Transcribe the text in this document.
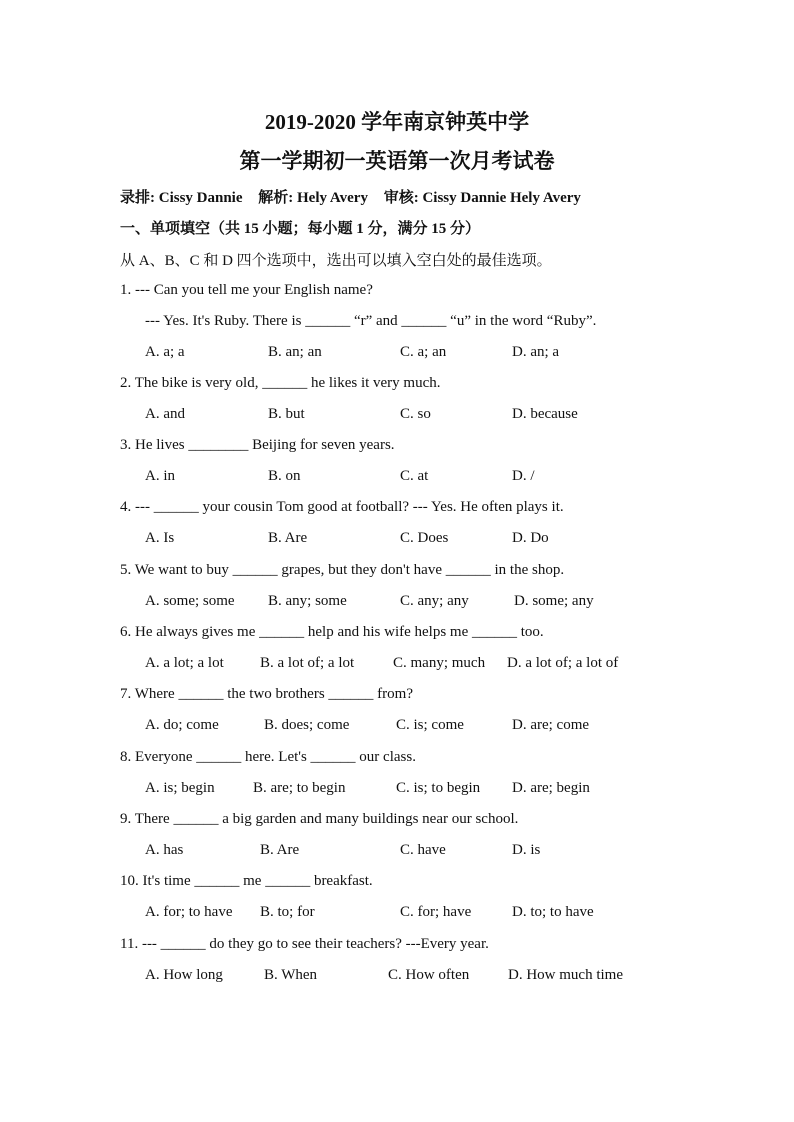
2019-2020 学年南京钟英中学
第一学期初一英语第一次月考试卷
录排: Cissy Dannie 解析: Hely Avery 审核: Cissy Dannie Hely Avery
一、单项填空（共 15 小题；每小题 1 分，满分 15 分）
从 A、B、C 和 D 四个选项中，选出可以填入空白处的最佳选项。
1. --- Can you tell me your English name?
--- Yes. It's Ruby. There is ______ “r” and ______ “u” in the word “Ruby”.
A. a; a	B. an; an	C. a; an	D. an; a
2. The bike is very old, ______ he likes it very much.
A. and	B. but	C. so	D. because
3. He lives ________ Beijing for seven years.
A. in	B. on	C. at	D. /
4. --- ______ your cousin Tom good at football? --- Yes. He often plays it.
A. Is	B. Are	C. Does	D. Do
5. We want to buy ______ grapes, but they don't have ______ in the shop.
A. some; some B. any; some	C. any; any	D. some; any
6. He always gives me ______ help and his wife helps me ______ too.
A. a lot; a lot B. a lot of; a lot	C. many; much D. a lot of; a lot of
7. Where ______ the two brothers ______ from?
A. do; come	B. does; come	C. is; come	D. are; come
8. Everyone ______ here. Let's ______ our class.
A. is; begin	B. are; to begin	C. is; to begin D. are; begin
9. There ______ a big garden and many buildings near our school.
A. has	B. Are	C. have	D. is
10. It's time ______ me ______ breakfast.
A. for; to have B. to; for	C. for; have	D. to; to have
11. --- ______ do they go to see their teachers? ---Every year.
A. How long	B. When	C. How often	D. How much time
